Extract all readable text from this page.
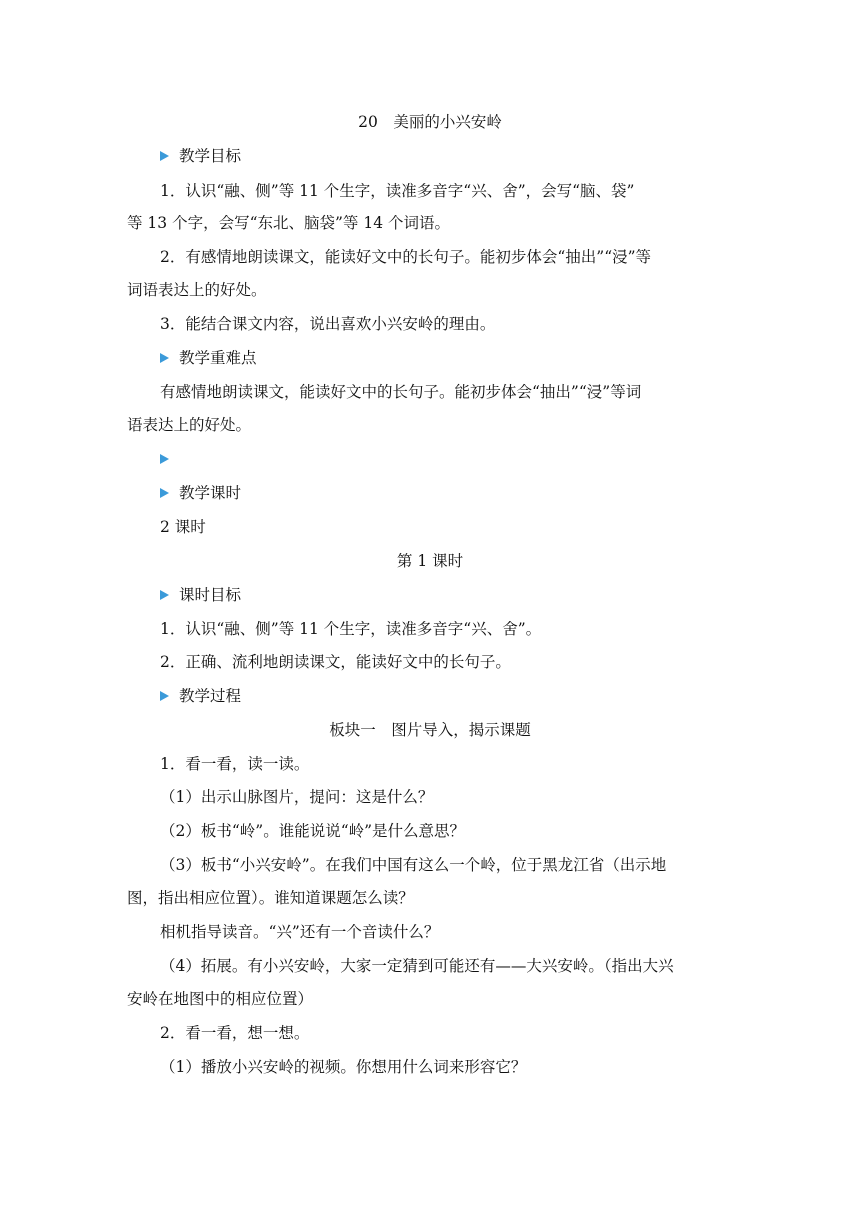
20　美丽的小兴安岭
教学目标
1．认识“融、侧”等 11 个生字，读准多音字“兴、舍”，会写“脑、袋”
等 13 个字，会写“东北、脑袋”等 14 个词语。
2．有感情地朗读课文，能读好文中的长句子。能初步体会“抽出”“浸”等
词语表达上的好处。
3．能结合课文内容，说出喜欢小兴安岭的理由。
教学重难点
有感情地朗读课文，能读好文中的长句子。能初步体会“抽出”“浸”等词
语表达上的好处。
教学课时
2 课时
第 1 课时
课时目标
1．认识“融、侧”等 11 个生字，读准多音字“兴、舍”。
2．正确、流利地朗读课文，能读好文中的长句子。
教学过程
板块一　图片导入，揭示课题
1．看一看，读一读。
（1）出示山脉图片，提问：这是什么？
（2）板书“岭”。谁能说说“岭”是什么意思？
（3）板书“小兴安岭”。在我们中国有这么一个岭，位于黑龙江省（出示地
图，指出相应位置）。谁知道课题怎么读？
相机指导读音。“兴”还有一个音读什么？
（4）拓展。有小兴安岭，大家一定猜到可能还有——大兴安岭。（指出大兴
安岭在地图中的相应位置）
2．看一看，想一想。
（1）播放小兴安岭的视频。你想用什么词来形容它？
